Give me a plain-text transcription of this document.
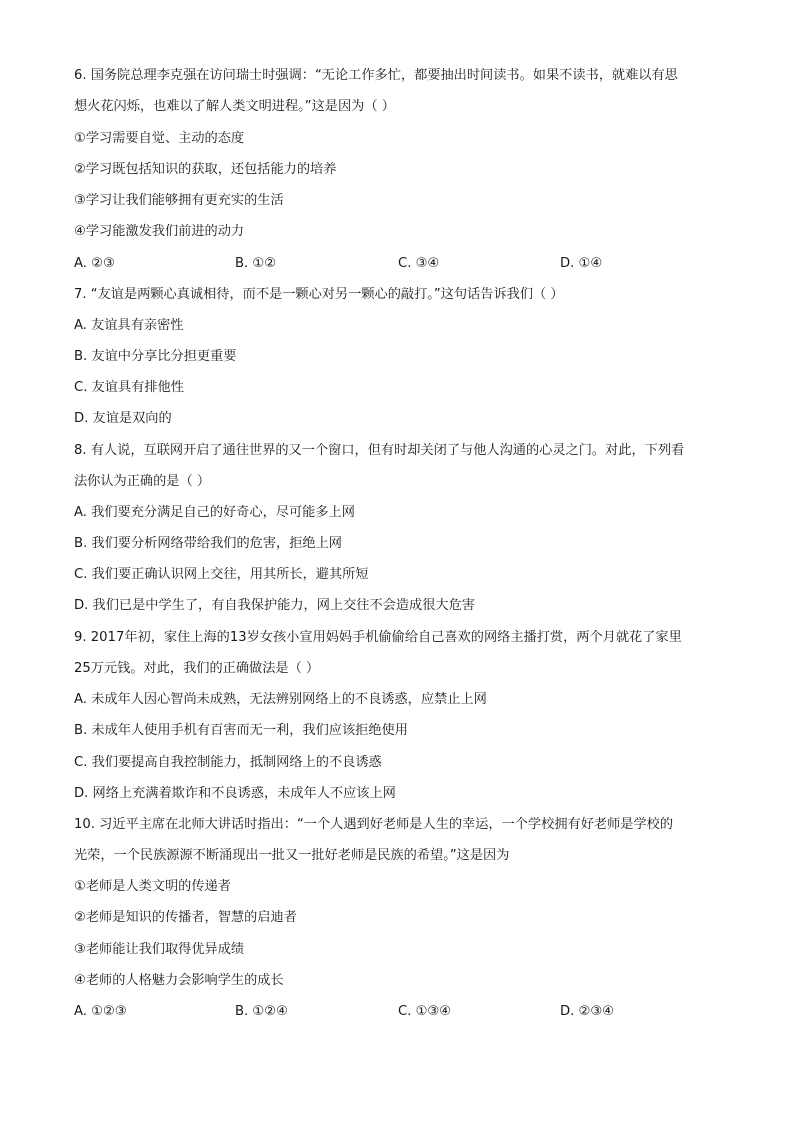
6. 国务院总理李克强在访问瑞士时强调：“无论工作多忙，都要抽出时间读书。如果不读书，就难以有思
想火花闪烁，也难以了解人类文明进程。”这是因为（ ）
①学习需要自觉、主动的态度
②学习既包括知识的获取，还包括能力的培养
③学习让我们能够拥有更充实的生活
④学习能激发我们前进的动力
A. ②③	B. ①②	C. ③④	D. ①④
7. “友谊是两颗心真诚相待，而不是一颗心对另一颗心的敲打。”这句话告诉我们（ ）
A. 友谊具有亲密性
B. 友谊中分享比分担更重要
C. 友谊具有排他性
D. 友谊是双向的
8. 有人说，互联网开启了通往世界的又一个窗口，但有时却关闭了与他人沟通的心灵之门。对此，下列看
法你认为正确的是（ ）
A. 我们要充分满足自己的好奇心，尽可能多上网
B. 我们要分析网络带给我们的危害，拒绝上网
C. 我们要正确认识网上交往，用其所长，避其所短
D. 我们已是中学生了，有自我保护能力，网上交往不会造成很大危害
9. 2017年初，家住上海的13岁女孩小宣用妈妈手机偷偷给自己喜欢的网络主播打赏，两个月就花了家里
25万元钱。对此，我们的正确做法是（ ）
A. 未成年人因心智尚未成熟，无法辨别网络上的不良诱惑，应禁止上网
B. 未成年人使用手机有百害而无一利，我们应该拒绝使用
C. 我们要提高自我控制能力，抵制网络上的不良诱惑
D. 网络上充满着欺诈和不良诱惑，未成年人不应该上网
10. 习近平主席在北师大讲话时指出：“一个人遇到好老师是人生的幸运，一个学校拥有好老师是学校的
光荣，一个民族源源不断涌现出一批又一批好老师是民族的希望。”这是因为
①老师是人类文明的传递者
②老师是知识的传播者，智慧的启迪者
③老师能让我们取得优异成绩
④老师的人格魅力会影响学生的成长
A. ①②③	B. ①②④	C. ①③④	D. ②③④
